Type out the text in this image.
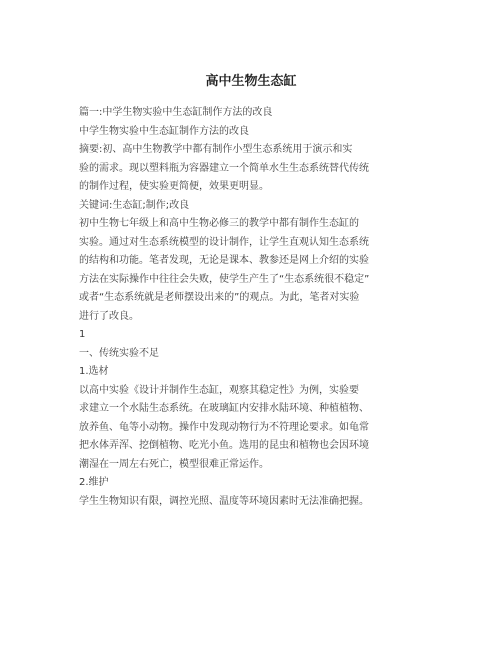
高中生物生态缸
篇一:中学生物实验中生态缸制作方法的改良
中学生物实验中生态缸制作方法的改良
摘要:初、高中生物教学中都有制作小型生态系统用于演示和实
验的需求。现以塑料瓶为容器建立一个简单水生生态系统替代传统
的制作过程，使实验更简便，效果更明显。
关键词:生态缸;制作;改良
初中生物七年级上和高中生物必修三的教学中都有制作生态缸的
实验。通过对生态系统模型的设计制作，让学生直观认知生态系统
的结构和功能。笔者发现，无论是课本、教参还是网上介绍的实验
方法在实际操作中往往会失败，使学生产生了“生态系统很不稳定”
或者“生态系统就是老师摆设出来的”的观点。为此，笔者对实验
进行了改良。
1
一、传统实验不足
1.选材
以高中实验《设计并制作生态缸，观察其稳定性》为例，实验要
求建立一个水陆生态系统。在玻璃缸内安排水陆环境、种植植物、
放养鱼、龟等小动物。操作中发现动物行为不符理论要求。如龟常
把水体弄浑、挖倒植物、吃光小鱼。选用的昆虫和植物也会因环境
潮湿在一周左右死亡，模型很难正常运作。
2.维护
学生生物知识有限，调控光照、温度等环境因素时无法准确把握。
